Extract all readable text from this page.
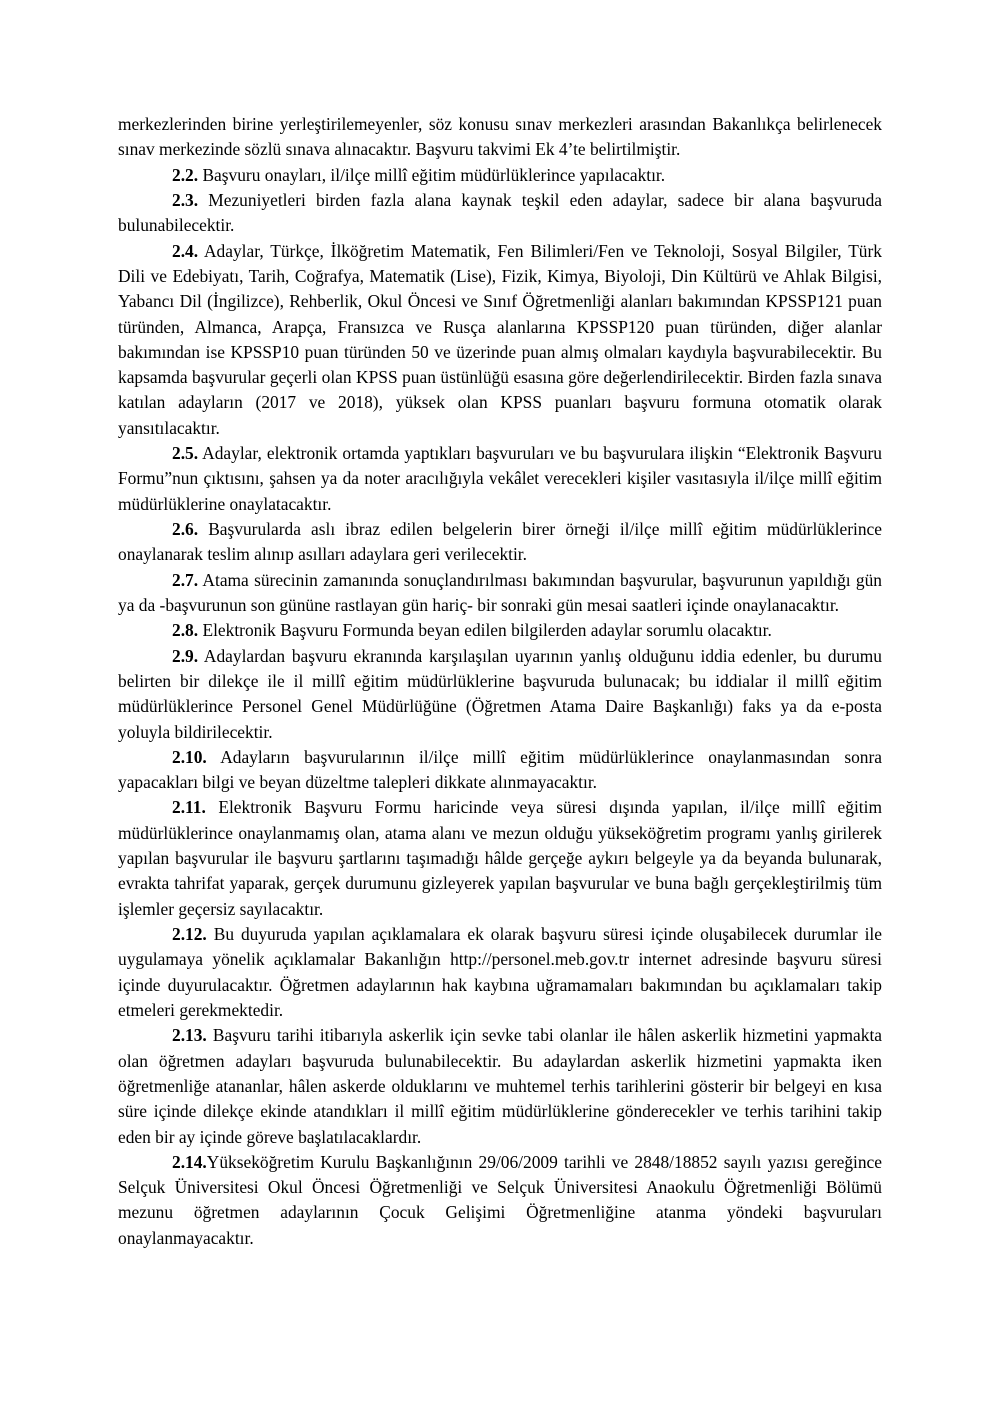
merkezlerinden birine yerleştirilemeyenler, söz konusu sınav merkezleri arasından Bakanlıkça belirlenecek sınav merkezinde sözlü sınava alınacaktır. Başvuru takvimi Ek 4’te belirtilmiştir.

2.2. Başvuru onayları, il/ilçe millî eğitim müdürlüklerince yapılacaktır.

2.3. Mezuniyetleri birden fazla alana kaynak teşkil eden adaylar, sadece bir alana başvuruda bulunabilecektir.

2.4. Adaylar, Türkçe, İlköğretim Matematik, Fen Bilimleri/Fen ve Teknoloji, Sosyal Bilgiler, Türk Dili ve Edebiyatı, Tarih, Coğrafya, Matematik (Lise), Fizik, Kimya, Biyoloji, Din Kültürü ve Ahlak Bilgisi, Yabancı Dil (İngilizce), Rehberlik, Okul Öncesi ve Sınıf Öğretmenliği alanları bakımından KPSSP121 puan türünden, Almanca, Arapça, Fransızca ve Rusça alanlarına KPSSP120 puan türünden, diğer alanlar bakımından ise KPSSP10 puan türünden 50 ve üzerinde puan almış olmaları kaydıyla başvurabilecektir. Bu kapsamda başvurular geçerli olan KPSS puan üstünlüğü esasına göre değerlendirilecektir. Birden fazla sınava katılan adayların (2017 ve 2018), yüksek olan KPSS puanları başvuru formuna otomatik olarak yansıtılacaktır.

2.5. Adaylar, elektronik ortamda yaptıkları başvuruları ve bu başvurulara ilişkin “Elektronik Başvuru Formu”nun çıktısını, şahsen ya da noter aracılığıyla vekâlet verecekleri kişiler vasıtasıyla il/ilçe millî eğitim müdürlüklerine onaylatacaktır.

2.6. Başvurularda aslı ibraz edilen belgelerin birer örneği il/ilçe millî eğitim müdürlüklerince onaylanarak teslim alınıp asılları adaylara geri verilecektir.

2.7. Atama sürecinin zamanında sonuçlandırılması bakımından başvurular, başvurunun yapıldığı gün ya da -başvurunun son gününe rastlayan gün hariç- bir sonraki gün mesai saatleri içinde onaylanacaktır.

2.8. Elektronik Başvuru Formunda beyan edilen bilgilerden adaylar sorumlu olacaktır.

2.9. Adaylardan başvuru ekranında karşılaşılan uyarının yanlış olduğunu iddia edenler, bu durumu belirten bir dilekçe ile il millî eğitim müdürlüklerine başvuruda bulunacak; bu iddialar il millî eğitim müdürlüklerince Personel Genel Müdürlüğüne (Öğretmen Atama Daire Başkanlığı) faks ya da e-posta yoluyla bildirilecektir.

2.10. Adayların başvurularının il/ilçe millî eğitim müdürlüklerince onaylanmasından sonra yapacakları bilgi ve beyan düzeltme talepleri dikkate alınmayacaktır.

2.11. Elektronik Başvuru Formu haricinde veya süresi dışında yapılan, il/ilçe millî eğitim müdürlüklerince onaylanmamış olan, atama alanı ve mezun olduğu yükseköğretim programı yanlış girilerek yapılan başvurular ile başvuru şartlarını taşımadığı hâlde gerçeğe aykırı belgeyle ya da beyanda bulunarak, evrakta tahrifat yaparak, gerçek durumunu gizleyerek yapılan başvurular ve buna bağlı gerçekleştirilmiş tüm işlemler geçersiz sayılacaktır.

2.12. Bu duyuruda yapılan açıklamalara ek olarak başvuru süresi içinde oluşabilecek durumlar ile uygulamaya yönelik açıklamalar Bakanlığın http://personel.meb.gov.tr internet adresinde başvuru süresi içinde duyurulacaktır. Öğretmen adaylarının hak kaybına uğramamaları bakımından bu açıklamaları takip etmeleri gerekmektedir.

2.13. Başvuru tarihi itibarıyla askerlik için sevke tabi olanlar ile hâlen askerlik hizmetini yapmakta olan öğretmen adayları başvuruda bulunabilecektir. Bu adaylardan askerlik hizmetini yapmakta iken öğretmenliğe atananlar, hâlen askerde olduklarını ve muhtemel terhis tarihlerini gösterir bir belgeyi en kısa süre içinde dilekçe ekinde atandıkları il millî eğitim müdürlüklerine gönderecekler ve terhis tarihini takip eden bir ay içinde göreve başlatılacaklardır.

2.14.Yükseköğretim Kurulu Başkanlığının 29/06/2009 tarihli ve 2848/18852 sayılı yazısı gereğince Selçuk Üniversitesi Okul Öncesi Öğretmenliği ve Selçuk Üniversitesi Anaokulu Öğretmenliği Bölümü mezunu öğretmen adaylarının Çocuk Gelişimi Öğretmenliğine atanma yöndeki başvuruları onaylanmayacaktır.
